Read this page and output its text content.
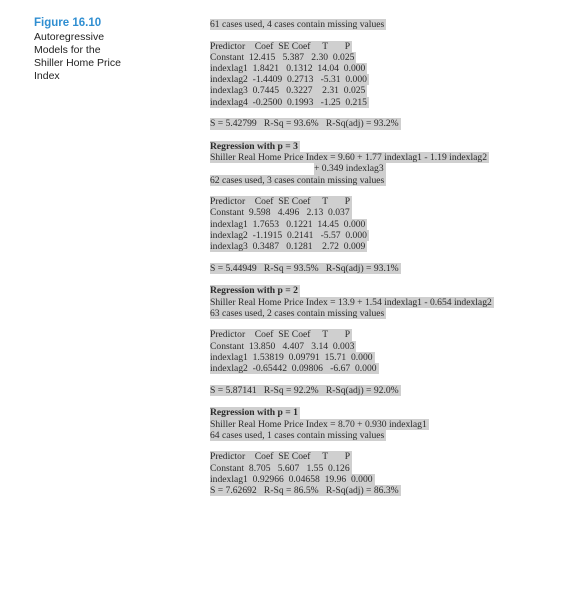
Figure 16.10
Autoregressive
Models for the
Shiller Home Price
Index
61 cases used, 4 cases contain missing values
Predictor    Coef  SE Coef     T       P
Constant  12.415   5.387   2.30  0.025
indexlag1  1.8421   0.1312  14.04  0.000
indexlag2  -1.4409  0.2713   -5.31  0.000
indexlag3  0.7445   0.3227    2.31  0.025
indexlag4  -0.2500  0.1993   -1.25  0.215
S = 5.42799   R-Sq = 93.6%   R-Sq(adj) = 93.2%
Regression with p = 3
Shiller Real Home Price Index = 9.60 + 1.77 indexlag1 - 1.19 indexlag2
+ 0.349 indexlag3
62 cases used, 3 cases contain missing values
Predictor    Coef  SE Coef     T       P
Constant  9.598   4.496   2.13  0.037
indexlag1  1.7653   0.1221  14.45  0.000
indexlag2  -1.1915  0.2141   -5.57  0.000
indexlag3  0.3487   0.1281    2.72  0.009
S = 5.44949   R-Sq = 93.5%   R-Sq(adj) = 93.1%
Regression with p = 2
Shiller Real Home Price Index = 13.9 + 1.54 indexlag1 - 0.654 indexlag2
63 cases used, 2 cases contain missing values
Predictor    Coef  SE Coef     T       P
Constant  13.850   4.407   3.14  0.003
indexlag1  1.53819  0.09791  15.71  0.000
indexlag2  -0.65442  0.09806   -6.67  0.000
S = 5.87141   R-Sq = 92.2%   R-Sq(adj) = 92.0%
Regression with p = 1
Shiller Real Home Price Index = 8.70 + 0.930 indexlag1
64 cases used, 1 cases contain missing values
Predictor    Coef  SE Coef     T       P
Constant  8.705   5.607   1.55  0.126
indexlag1  0.92966  0.04658  19.96  0.000
S = 7.62692   R-Sq = 86.5%   R-Sq(adj) = 86.3%
